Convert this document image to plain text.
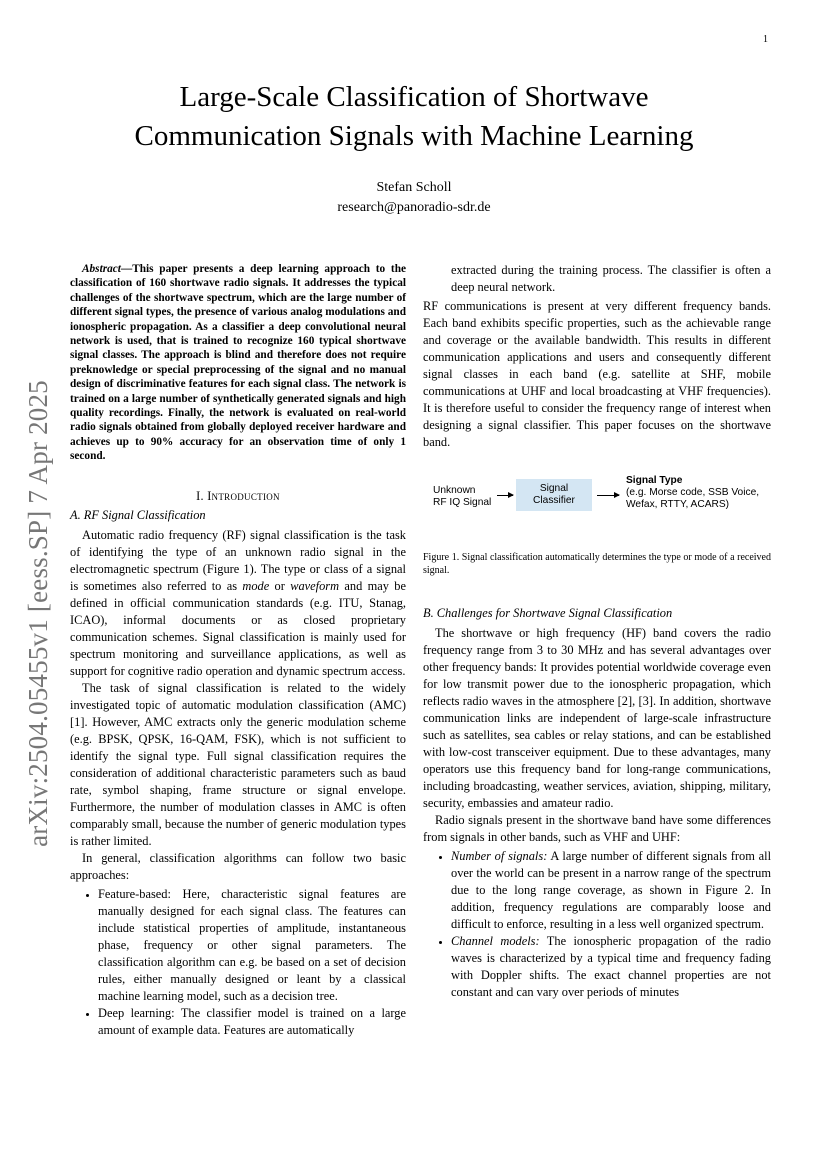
1
arXiv:2504.05455v1 [eess.SP] 7 Apr 2025
Large-Scale Classification of Shortwave
Communication Signals with Machine Learning
Stefan Scholl
research@panoradio-sdr.de

Abstract—This paper presents a deep learning approach to the classification of 160 shortwave radio signals. It addresses the typical challenges of the shortwave spectrum, which are the large number of different signal types, the presence of various analog modulations and ionospheric propagation. As a classifier a deep convolutional neural network is used, that is trained to recognize 160 typical shortwave signal classes. The approach is blind and therefore does not require preknowledge or special preprocessing of the signal and no manual design of discriminative features for each signal class. The network is trained on a large number of synthetically generated signals and high quality recordings. Finally, the network is evaluated on real-world radio signals obtained from globally deployed receiver hardware and achieves up to 90% accuracy for an observation time of only 1 second.

I. Introduction
A. RF Signal Classification

Automatic radio frequency (RF) signal classification is the task of identifying the type of an unknown radio signal in the electromagnetic spectrum (Figure 1). The type or class of a signal is sometimes also referred to as mode or waveform and may be defined in official communication standards (e.g. ITU, Stanag, ICAO), informal documents or as closed proprietary communication schemes. Signal classification is mainly used for spectrum monitoring and surveillance applications, as well as support for cognitive radio operation and dynamic spectrum access.

The task of signal classification is related to the widely investigated topic of automatic modulation classification (AMC) [1]. However, AMC extracts only the generic modulation scheme (e.g. BPSK, QPSK, 16-QAM, FSK), which is not sufficient to identify the signal type. Full signal classification requires the consideration of additional characteristic parameters such as baud rate, symbol shaping, frame structure or signal envelope. Furthermore, the number of modulation classes in AMC is often comparably small, because the number of generic modulation types is rather limited.

In general, classification algorithms can follow two basic approaches:

• Feature-based: Here, characteristic signal features are manually designed for each signal class. The features can include statistical properties of amplitude, instantaneous phase, frequency or other signal parameters. The classification algorithm can e.g. be based on a set of decision rules, either manually designed or leant by a classical machine learning model, such as a decision tree.
• Deep learning: The classifier model is trained on a large amount of example data. Features are automatically

extracted during the training process. The classifier is often a deep neural network.

RF communications is present at very different frequency bands. Each band exhibits specific properties, such as the achievable range and coverage or the available bandwidth. This results in different communication applications and users and consequently different signal classes in each band (e.g. satellite at SHF, mobile communications at UHF and local broadcasting at VHF frequencies). It is therefore useful to consider the frequency range of interest when designing a signal classifier. This paper focuses on the shortwave band.

Unknown
RF IQ Signal
Signal
Classifier
Signal Type
(e.g. Morse code, SSB Voice,
Wefax, RTTY, ACARS)

Figure 1. Signal classification automatically determines the type or mode of a received signal.

B. Challenges for Shortwave Signal Classification

The shortwave or high frequency (HF) band covers the radio frequency range from 3 to 30 MHz and has several advantages over other frequency bands: It provides potential worldwide coverage even for low transmit power due to the ionospheric propagation, which reflects radio waves in the atmosphere [2], [3]. In addition, shortwave communication links are independent of large-scale infrastructure such as satellites, sea cables or relay stations, and can be established with low-cost transceiver equipment. Due to these advantages, many operators use this frequency band for long-range communications, including broadcasting, weather services, aviation, shipping, military, security, embassies and amateur radio.

Radio signals present in the shortwave band have some differences from signals in other bands, such as VHF and UHF:

• Number of signals: A large number of different signals from all over the world can be present in a narrow range of the spectrum due to the long range coverage, as shown in Figure 2. In addition, frequency regulations are comparably loose and difficult to enforce, resulting in a less well organized spectrum.
• Channel models: The ionospheric propagation of the radio waves is characterized by a typical time and frequency fading with Doppler shifts. The exact channel properties are not constant and can vary over periods of minutes
